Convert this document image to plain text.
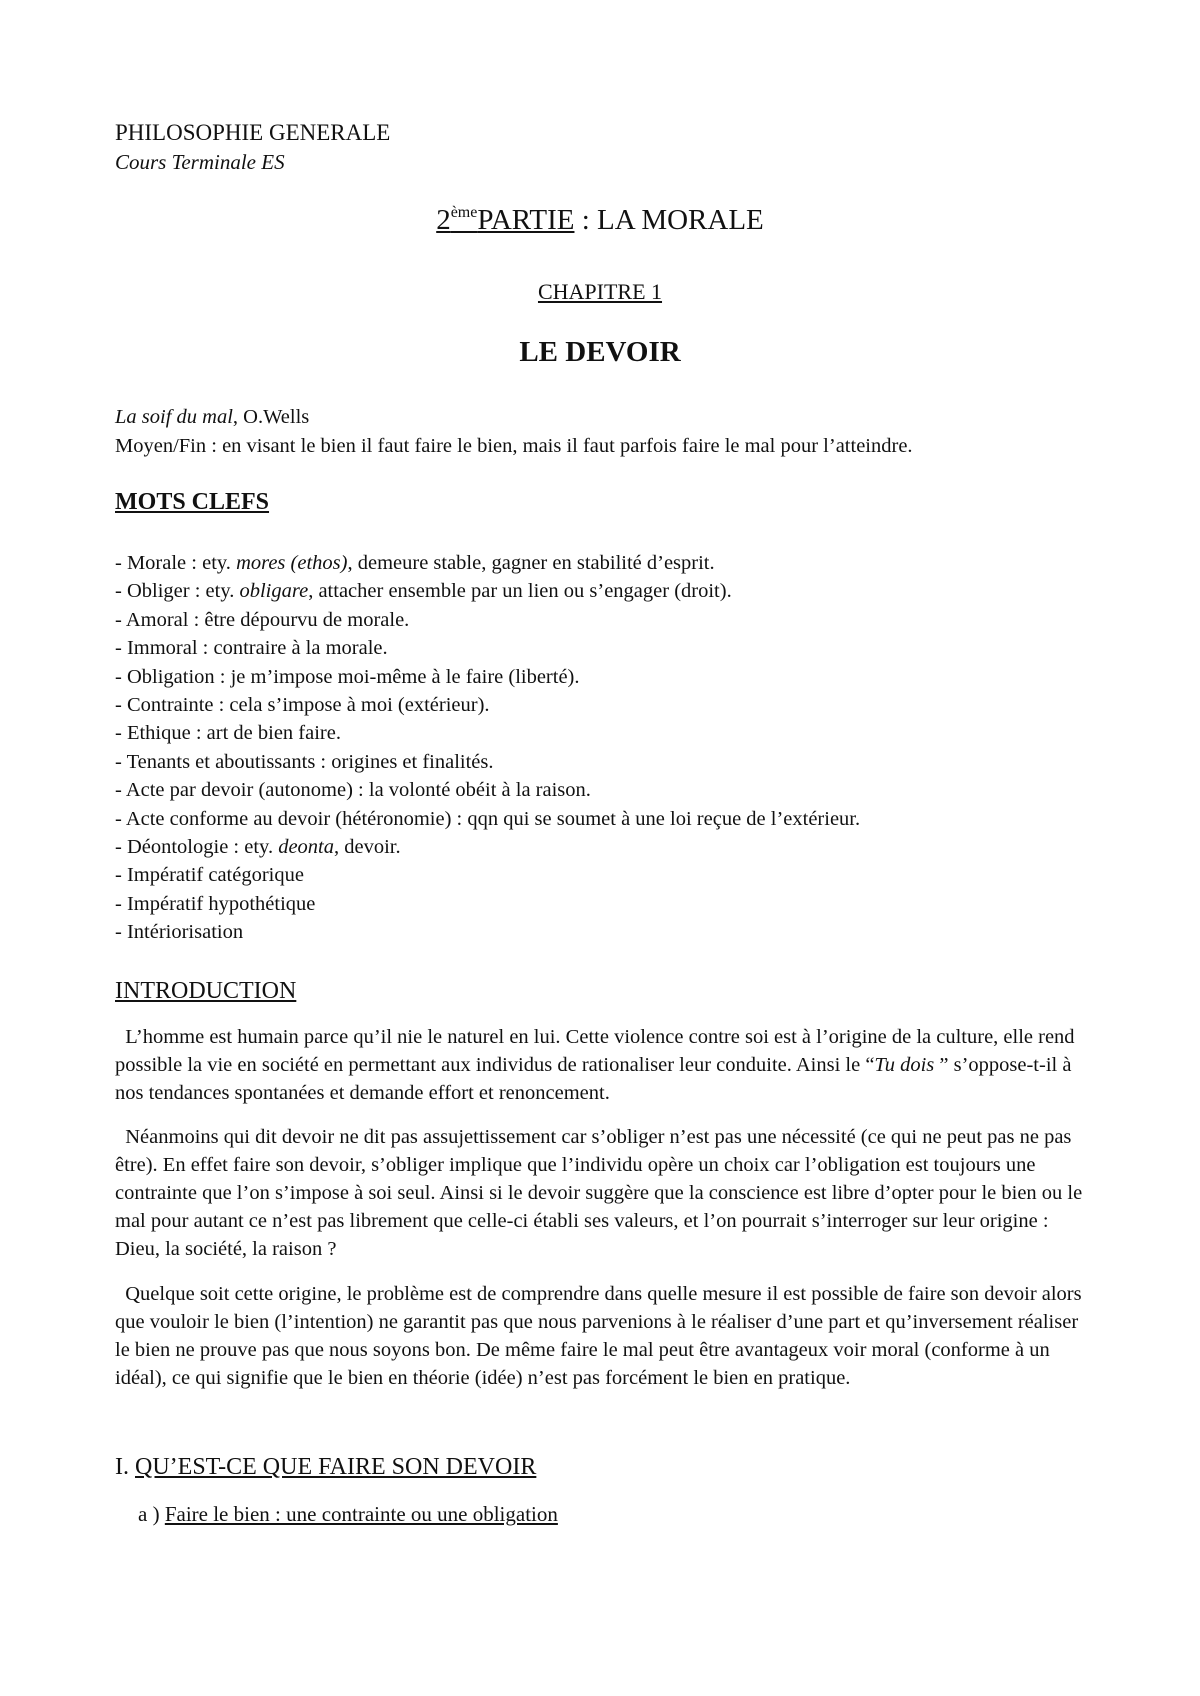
PHILOSOPHIE GENERALE
Cours Terminale ES
2èmePARTIE : LA MORALE
CHAPITRE 1
LE DEVOIR
La soif du mal, O.Wells
Moyen/Fin : en visant le bien il faut faire le bien, mais il faut parfois faire le mal pour l’atteindre.
MOTS CLEFS
- Morale : ety. mores (ethos), demeure stable, gagner en stabilité d’esprit.
- Obliger : ety. obligare, attacher ensemble par un lien ou s’engager (droit).
- Amoral : être dépourvu de morale.
- Immoral : contraire à la morale.
- Obligation : je m’impose moi-même à le faire (liberté).
- Contrainte : cela s’impose à moi (extérieur).
- Ethique : art de bien faire.
- Tenants et aboutissants : origines et finalités.
- Acte par devoir (autonome) : la volonté obéit à la raison.
- Acte conforme au devoir (hétéronomie) : qqn qui se soumet à une loi reçue de l’extérieur.
- Déontologie : ety. deonta, devoir.
- Impératif catégorique
- Impératif hypothétique
- Intériorisation
INTRODUCTION
L’homme est humain parce qu’il nie le naturel en lui. Cette violence contre soi est à l’origine de la culture, elle rend possible la vie en société en permettant aux individus de rationaliser leur conduite. Ainsi le “Tu dois ” s’oppose-t-il à nos tendances spontanées et demande effort et renoncement.
Néanmoins qui dit devoir ne dit pas assujettissement car s’obliger n’est pas une nécessité (ce qui ne peut pas ne pas être). En effet faire son devoir, s’obliger implique que l’individu opère un choix car l’obligation est toujours une contrainte que l’on s’impose à soi seul. Ainsi si le devoir suggère que la conscience est libre d’opter pour le bien ou le mal pour autant ce n’est pas librement que celle-ci établi ses valeurs, et l’on pourrait s’interroger sur leur origine : Dieu, la société, la raison ?
Quelque soit cette origine, le problème est de comprendre dans quelle mesure il est possible de faire son devoir alors que vouloir le bien (l’intention) ne garantit pas que nous parvenions à le réaliser d’une part et qu’inversement réaliser le bien ne prouve pas que nous soyons bon. De même faire le mal peut être avantageux voir moral (conforme à un idéal), ce qui signifie que le bien en théorie (idée) n’est pas forcément le bien en pratique.
I. QU’EST-CE QUE FAIRE SON DEVOIR
a ) Faire le bien : une contrainte ou une obligation
